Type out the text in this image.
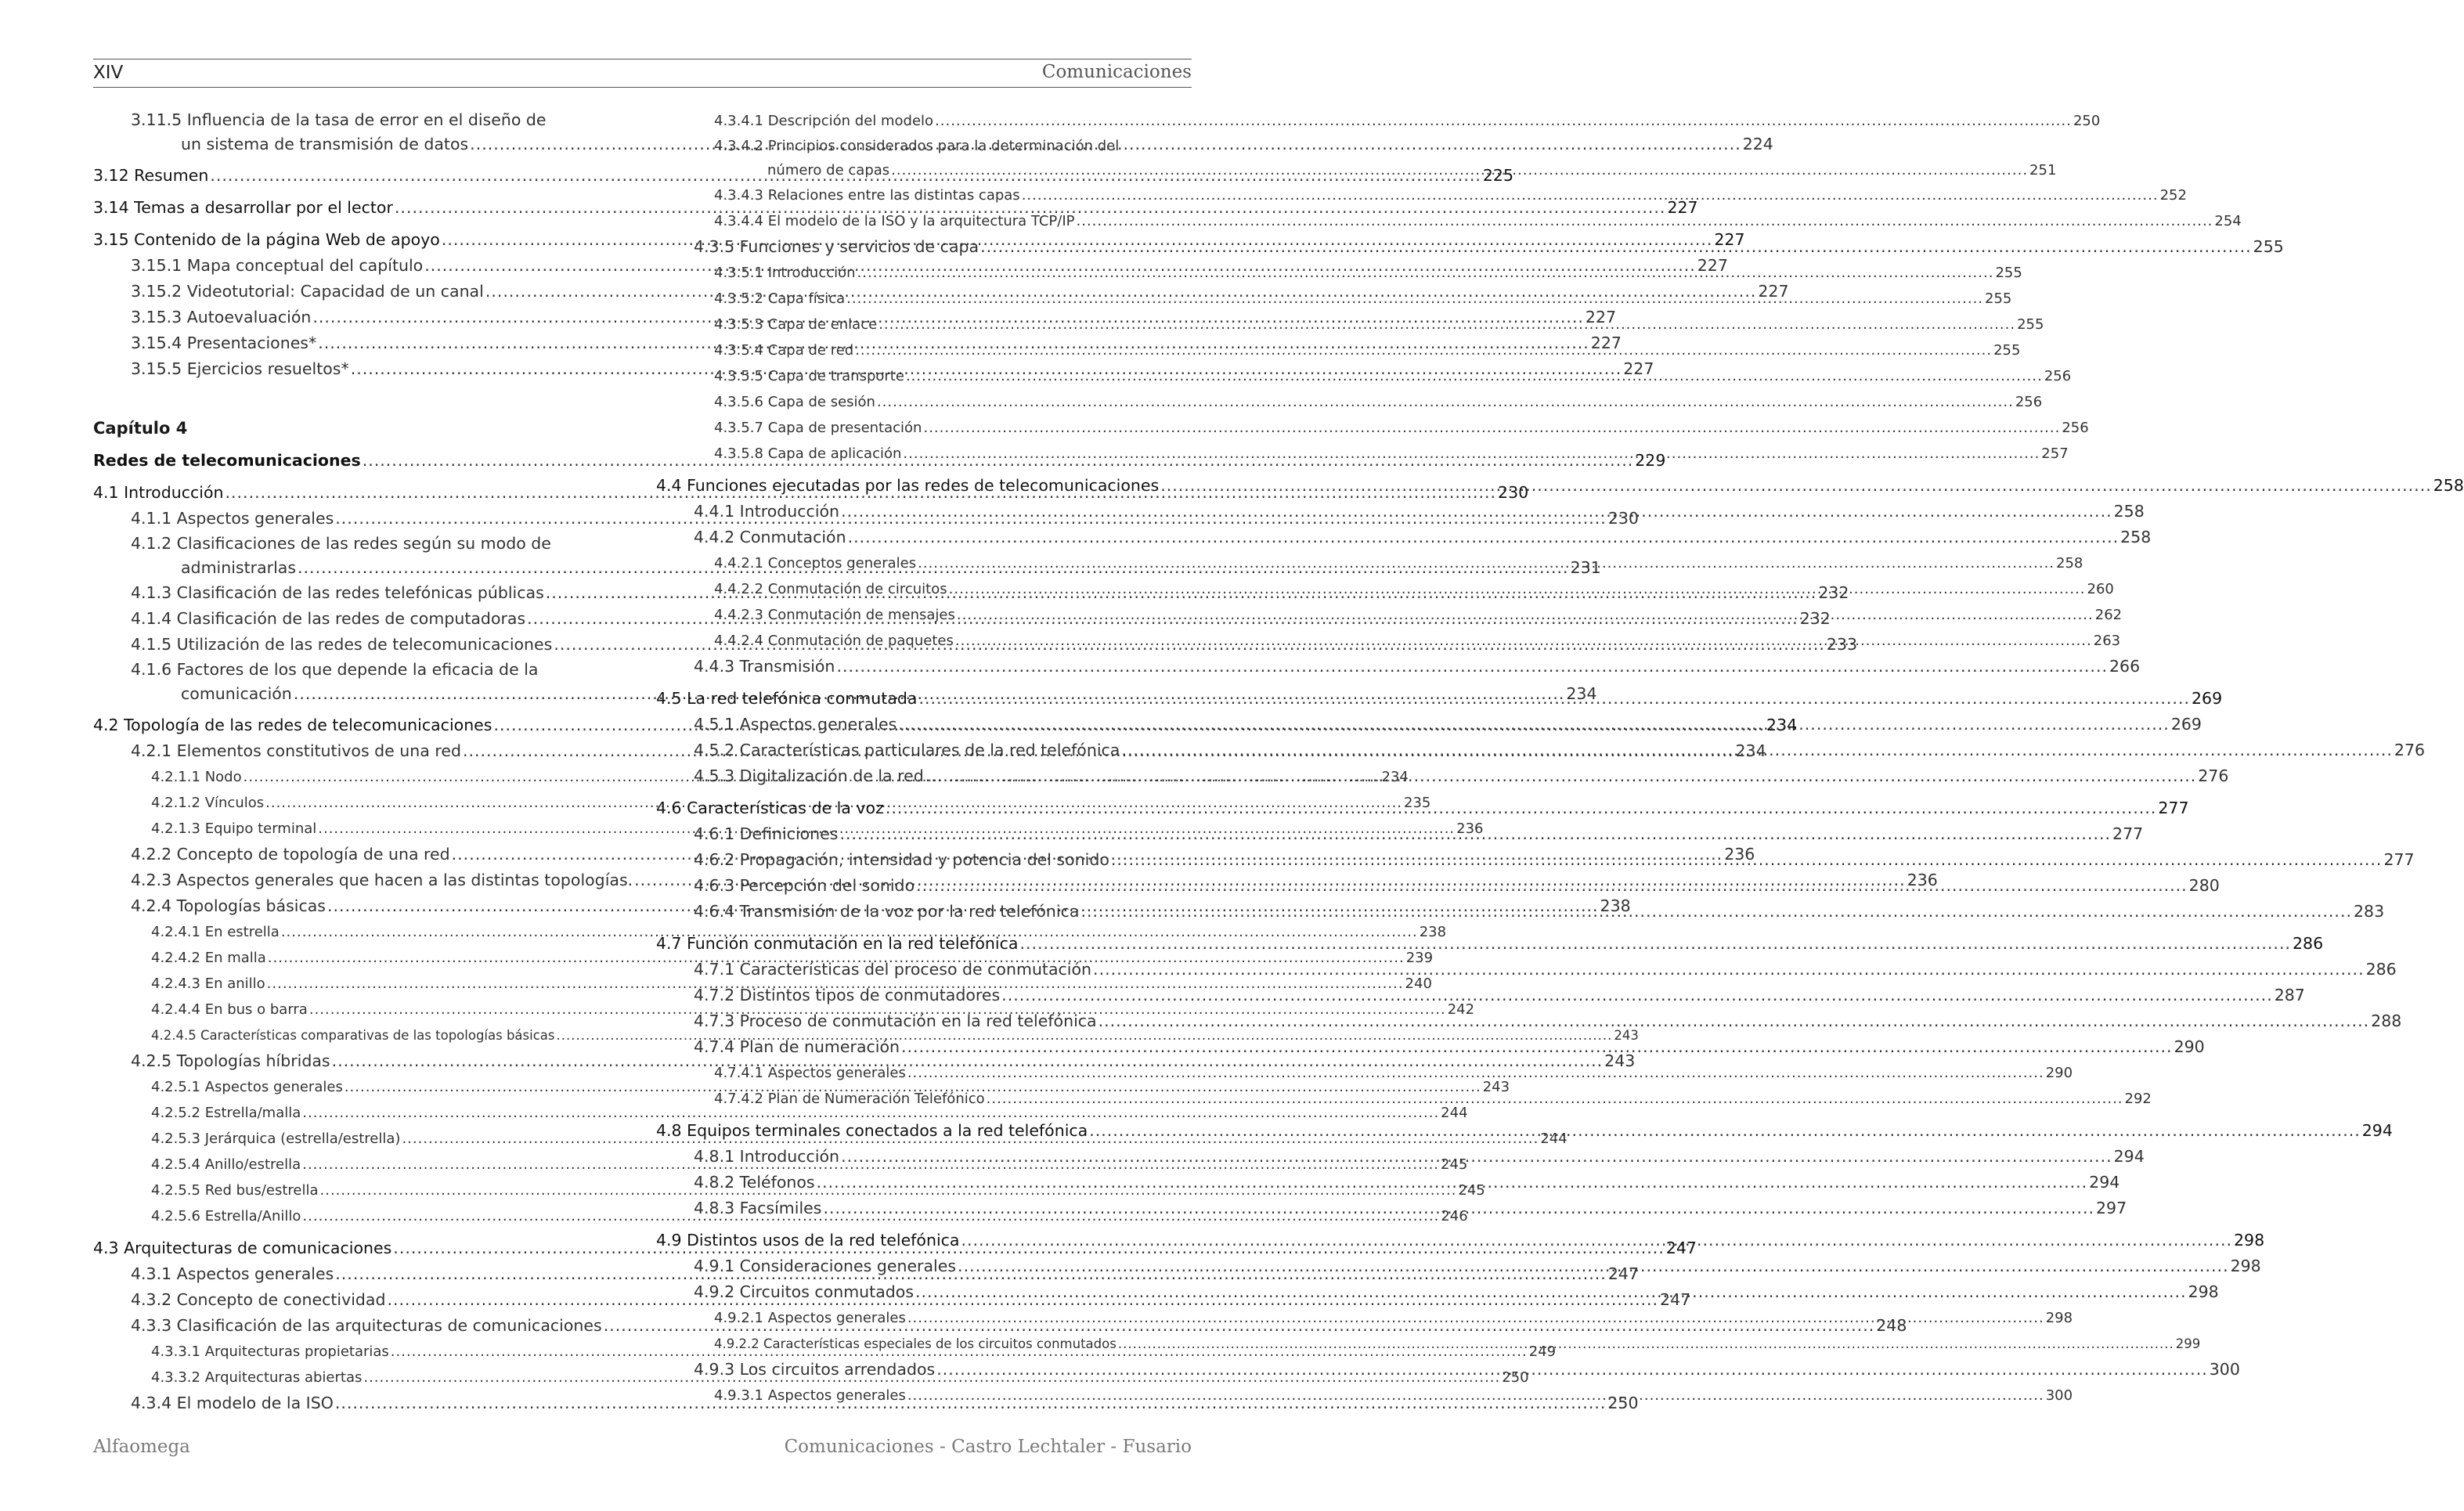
XIV	Comunicaciones
3.11.5 Influencia de la tasa de error en el diseño de
un sistema de transmisión de datos .....	224
3.12 Resumen .....	225
3.14 Temas a desarrollar por el lector .....	227
3.15 Contenido de la página Web de apoyo .....	227
3.15.1 Mapa conceptual del capítulo .....	227
3.15.2 Videotutorial: Capacidad de un canal .....	227
3.15.3 Autoevaluación .....	227
3.15.4 Presentaciones* .....	227
3.15.5 Ejercicios resueltos* .....	227
Capítulo 4
Redes de telecomunicaciones .....	229
4.1 Introducción .....	230
4.1.1 Aspectos generales .....	230
4.1.2 Clasificaciones de las redes según su modo de
administrarlas .....	231
4.1.3 Clasificación de las redes telefónicas públicas .....	232
4.1.4 Clasificación de las redes de computadoras .....	232
4.1.5 Utilización de las redes de telecomunicaciones .....	233
4.1.6 Factores de los que depende la eficacia de la
comunicación .....	234
4.2 Topología de las redes de telecomunicaciones .....	234
4.2.1 Elementos constitutivos de una red .....	234
4.2.1.1 Nodo .....	234
4.2.1.2 Vínculos .....	235
4.2.1.3 Equipo terminal .....	236
4.2.2 Concepto de topología de una red .....	236
4.2.3 Aspectos generales que hacen a las distintas topologías. .....	236
4.2.4 Topologías básicas .....	238
4.2.4.1 En estrella .....	238
4.2.4.2 En malla .....	239
4.2.4.3 En anillo .....	240
4.2.4.4 En bus o barra .....	242
4.2.4.5 Características comparativas de las topologías básicas .....	243
4.2.5 Topologías híbridas .....	243
4.2.5.1 Aspectos generales .....	243
4.2.5.2 Estrella/malla .....	244
4.2.5.3 Jerárquica (estrella/estrella) .....	244
4.2.5.4 Anillo/estrella .....	245
4.2.5.5 Red bus/estrella .....	245
4.2.5.6 Estrella/Anillo .....	246
4.3 Arquitecturas de comunicaciones .....	247
4.3.1 Aspectos generales .....	247
4.3.2 Concepto de conectividad .....	247
4.3.3 Clasificación de las arquitecturas de comunicaciones .....	248
4.3.3.1 Arquitecturas propietarias .....	249
4.3.3.2 Arquitecturas abiertas .....	250
4.3.4 El modelo de la ISO .....	250
4.3.4.1 Descripción del modelo .....	250
4.3.4.2 Principios considerados para la determinación del
número de capas .....	251
4.3.4.3 Relaciones entre las distintas capas .....	252
4.3.4.4 El modelo de la ISO y la arquitectura TCP/IP .....	254
4.3.5 Funciones y servicios de capa .....	255
4.3.5.1 Introducción .....	255
4.3.5.2 Capa física .....	255
4.3.5.3 Capa de enlace .....	255
4.3.5.4 Capa de red .....	255
4.3.5.5 Capa de transporte .....	256
4.3.5.6 Capa de sesión .....	256
4.3.5.7 Capa de presentación .....	256
4.3.5.8 Capa de aplicación .....	257
4.4 Funciones ejecutadas por las redes de telecomunicaciones .....	258
4.4.1 Introducción .....	258
4.4.2 Conmutación .....	258
4.4.2.1 Conceptos generales .....	258
4.4.2.2 Conmutación de circuitos .....	260
4.4.2.3 Conmutación de mensajes .....	262
4.4.2.4 Conmutación de paquetes .....	263
4.4.3 Transmisión .....	266
4.5 La red telefónica conmutada .....	269
4.5.1 Aspectos generales .....	269
4.5.2 Características particulares de la red telefónica .....	276
4.5.3 Digitalización de la red .....	276
4.6 Características de la voz .....	277
4.6.1 Definiciones .....	277
4.6.2 Propagación, intensidad y potencia del sonido .....	277
4.6.3 Percepción del sonido .....	280
4.6.4 Transmisión de la voz por la red telefónica .....	283
4.7 Función conmutación en la red telefónica .....	286
4.7.1 Características del proceso de conmutación .....	286
4.7.2 Distintos tipos de conmutadores .....	287
4.7.3 Proceso de conmutación en la red telefónica .....	288
4.7.4 Plan de numeración .....	290
4.7.4.1 Aspectos generales .....	290
4.7.4.2 Plan de Numeración Telefónico .....	292
4.8 Equipos terminales conectados a la red telefónica .....	294
4.8.1 Introducción .....	294
4.8.2 Teléfonos .....	294
4.8.3 Facsímiles .....	297
4.9 Distintos usos de la red telefónica .....	298
4.9.1 Consideraciones generales .....	298
4.9.2 Circuitos conmutados .....	298
4.9.2.1 Aspectos generales .....	298
4.9.2.2 Características especiales de los circuitos conmutados .....	299
4.9.3 Los circuitos arrendados .....	300
4.9.3.1 Aspectos generales .....	300
Alfaomega	Comunicaciones - Castro Lechtaler - Fusario
